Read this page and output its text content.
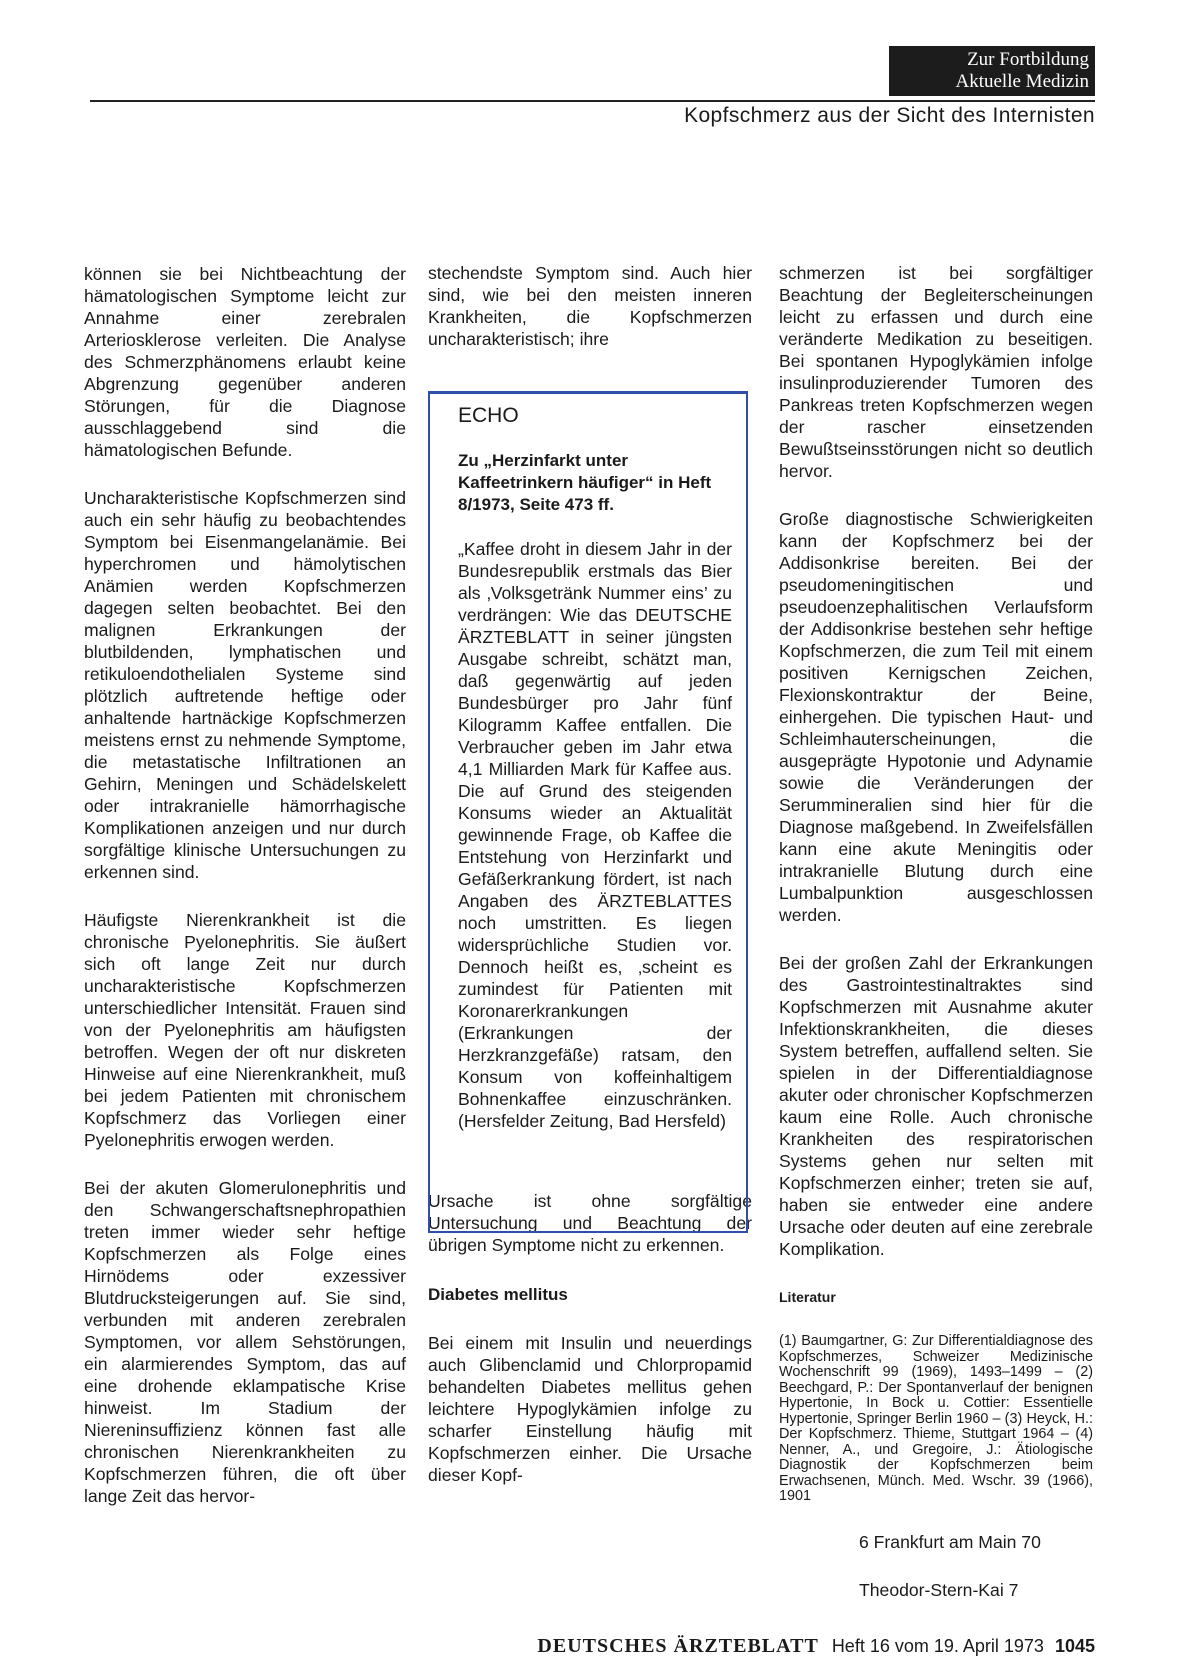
Zur Fortbildung
Aktuelle Medizin
Kopfschmerz aus der Sicht des Internisten

können sie bei Nichtbeachtung der hämatologischen Symptome leicht zur Annahme einer zerebralen Arteriosklerose verleiten. Die Analyse des Schmerzphänomens erlaubt keine Abgrenzung gegenüber anderen Störungen, für die Diagnose ausschlaggebend sind die hämatologischen Befunde.

Uncharakteristische Kopfschmerzen sind auch ein sehr häufig zu beobachtendes Symptom bei Eisenmangelanämie. Bei hyperchromen und hämolytischen Anämien werden Kopfschmerzen dagegen selten beobachtet. Bei den malignen Erkrankungen der blutbildenden, lymphatischen und retikuloendothelialen Systeme sind plötzlich auftretende heftige oder anhaltende hartnäckige Kopfschmerzen meistens ernst zu nehmende Symptome, die metastatische Infiltrationen an Gehirn, Meningen und Schädelskelett oder intrakranielle hämorrhagische Komplikationen anzeigen und nur durch sorgfältige klinische Untersuchungen zu erkennen sind.

Häufigste Nierenkrankheit ist die chronische Pyelonephritis. Sie äußert sich oft lange Zeit nur durch uncharakteristische Kopfschmerzen unterschiedlicher Intensität. Frauen sind von der Pyelonephritis am häufigsten betroffen. Wegen der oft nur diskreten Hinweise auf eine Nierenkrankheit, muß bei jedem Patienten mit chronischem Kopfschmerz das Vorliegen einer Pyelonephritis erwogen werden.

Bei der akuten Glomerulonephritis und den Schwangerschaftsnephropathien treten immer wieder sehr heftige Kopfschmerzen als Folge eines Hirnödems oder exzessiver Blutdrucksteigerungen auf. Sie sind, verbunden mit anderen zerebralen Symptomen, vor allem Sehstörungen, ein alarmierendes Symptom, das auf eine drohende eklampatische Krise hinweist. Im Stadium der Niereninsuffizienz können fast alle chronischen Nierenkrankheiten zu Kopfschmerzen führen, die oft über lange Zeit das hervor-

stechendste Symptom sind. Auch hier sind, wie bei den meisten inneren Krankheiten, die Kopfschmerzen uncharakteristisch; ihre

Ursache ist ohne sorgfältige Untersuchung und Beachtung der übrigen Symptome nicht zu erkennen.

Diabetes mellitus

Bei einem mit Insulin und neuerdings auch Glibenclamid und Chlorpropamid behandelten Diabetes mellitus gehen leichtere Hypoglykämien infolge zu scharfer Einstellung häufig mit Kopfschmerzen einher. Die Ursache dieser Kopf-

ECHO
Zu „Herzinfarkt unter Kaffeetrinkern häufiger“ in Heft 8/1973, Seite 473 ff.

„Kaffee droht in diesem Jahr in der Bundesrepublik erstmals das Bier als ‚Volksgetränk Nummer eins’ zu verdrängen: Wie das DEUTSCHE ÄRZTEBLATT in seiner jüngsten Ausgabe schreibt, schätzt man, daß gegenwärtig auf jeden Bundesbürger pro Jahr fünf Kilogramm Kaffee entfallen. Die Verbraucher geben im Jahr etwa 4,1 Milliarden Mark für Kaffee aus. Die auf Grund des steigenden Konsums wieder an Aktualität gewinnende Frage, ob Kaffee die Entstehung von Herzinfarkt und Gefäßerkrankung fördert, ist nach Angaben des ÄRZTEBLATTES noch umstritten. Es liegen widersprüchliche Studien vor. Dennoch heißt es, ‚scheint es zumindest für Patienten mit Koronarerkrankungen (Erkrankungen der Herzkranzgefäße) ratsam, den Konsum von koffeinhaltigem Bohnenkaffee einzuschränken. (Hersfelder Zeitung, Bad Hersfeld)

schmerzen ist bei sorgfältiger Beachtung der Begleiterscheinungen leicht zu erfassen und durch eine veränderte Medikation zu beseitigen. Bei spontanen Hypoglykämien infolge insulinproduzierender Tumoren des Pankreas treten Kopfschmerzen wegen der rascher einsetzenden Bewußtseinsstörungen nicht so deutlich hervor.

Große diagnostische Schwierigkeiten kann der Kopfschmerz bei der Addisonkrise bereiten. Bei der pseudomeningitischen und pseudoenzephalitischen Verlaufsform der Addisonkrise bestehen sehr heftige Kopfschmerzen, die zum Teil mit einem positiven Kernigschen Zeichen, Flexionskontraktur der Beine, einhergehen. Die typischen Haut- und Schleimhauterscheinungen, die ausgeprägte Hypotonie und Adynamie sowie die Veränderungen der Serummineralien sind hier für die Diagnose maßgebend. In Zweifelsfällen kann eine akute Meningitis oder intrakranielle Blutung durch eine Lumbalpunktion ausgeschlossen werden.

Bei der großen Zahl der Erkrankungen des Gastrointestinaltraktes sind Kopfschmerzen mit Ausnahme akuter Infektionskrankheiten, die dieses System betreffen, auffallend selten. Sie spielen in der Differentialdiagnose akuter oder chronischer Kopfschmerzen kaum eine Rolle. Auch chronische Krankheiten des respiratorischen Systems gehen nur selten mit Kopfschmerzen einher; treten sie auf, haben sie entweder eine andere Ursache oder deuten auf eine zerebrale Komplikation.

Literatur

(1) Baumgartner, G: Zur Differentialdiagnose des Kopfschmerzes, Schweizer Medizinische Wochenschrift 99 (1969), 1493–1499 – (2) Beechgard, P.: Der Spontanverlauf der benignen Hypertonie, In Bock u. Cottier: Essentielle Hypertonie, Springer Berlin 1960 – (3) Heyck, H.: Der Kopfschmerz. Thieme, Stuttgart 1964 – (4) Nenner, A., und Gregoire, J.: Ätiologische Diagnostik der Kopfschmerzen beim Erwachsenen, Münch. Med. Wschr. 39 (1966), 1901

6 Frankfurt am Main 70

Theodor-Stern-Kai 7

DEUTSCHES ÄRZTEBLATT Heft 16 vom 19. April 1973 1045
